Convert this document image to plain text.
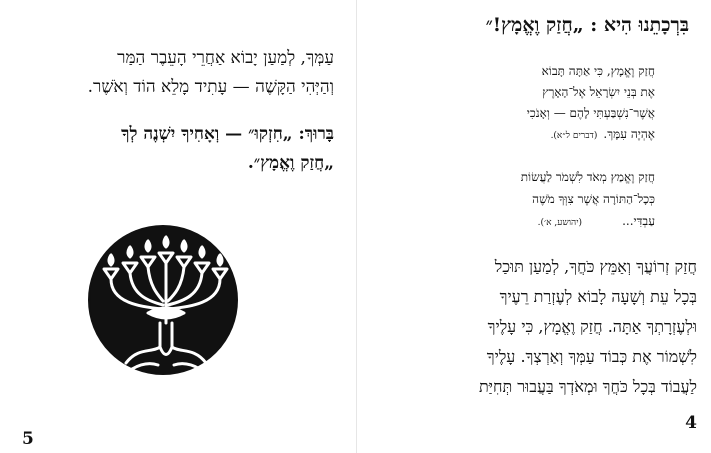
עַמְּךָ, לְמַעַן יָבוֹא אַחֲרֵי הָעֵבֶר הַמַּר
וְהַיְּהִי הַקָּשֶׁה — עָתִיד מָלֵא הוֹד וְאֹשֶׁר.
בָּרוּךְ: „חִזְקוּ״ — וְאָחִיךָ יִשְׁנֶה לְךָ
„חֲזַק וֶאֱמָץ״.
5
בִּרְכָתֵנוּ הִיא : „חֲזַק וֶאֱמָץ!״
חֲזַק וֶאֱמָץ, כִּי אַתָּה תָּבוֹא
אֶת בְּנֵי יִשְׂרָאֵל אֶל־הָאָרֶץ
אֲשֶׁר־נִשְׁבַּעְתִּי לָהֶם — וְאָנֹכִי
אֶהְיֶה עִמָּךְ.(דברים ל״א).
חֲזַק וֶאֱמַץ מְאֹד לִשְׁמֹר לַעֲשׂוֹת
כְּכָל־הַתּוֹרָה אֲשֶׁר צִוְּךָ מֹשֶׁה
עַבְדִּי...(יהושע, א׳).
חֲזַק זְרוֹעֲךָ וְאַמֵּץ כֹּחֲךָ, לְמַעַן תּוּכַל
בְּכָל עֵת וְשָׁעָה לָבוֹא לְעֶזְרַת רֵעֶיךָ
וּלְעֶזְרָתְךָ אַתָּה. חֲזַק וֶאֱמָץ, כִּי עָלֶיךָ
לִשְׁמוֹר אֶת כְּבוֹד עַמְּךָ וְאַרְצְךָ. עָלֶיךָ
לַעֲבוֹד בְּכָל כֹּחֲךָ וּמְאֹדְךָ בַּעֲבוּר תְּחִיַּת
4
